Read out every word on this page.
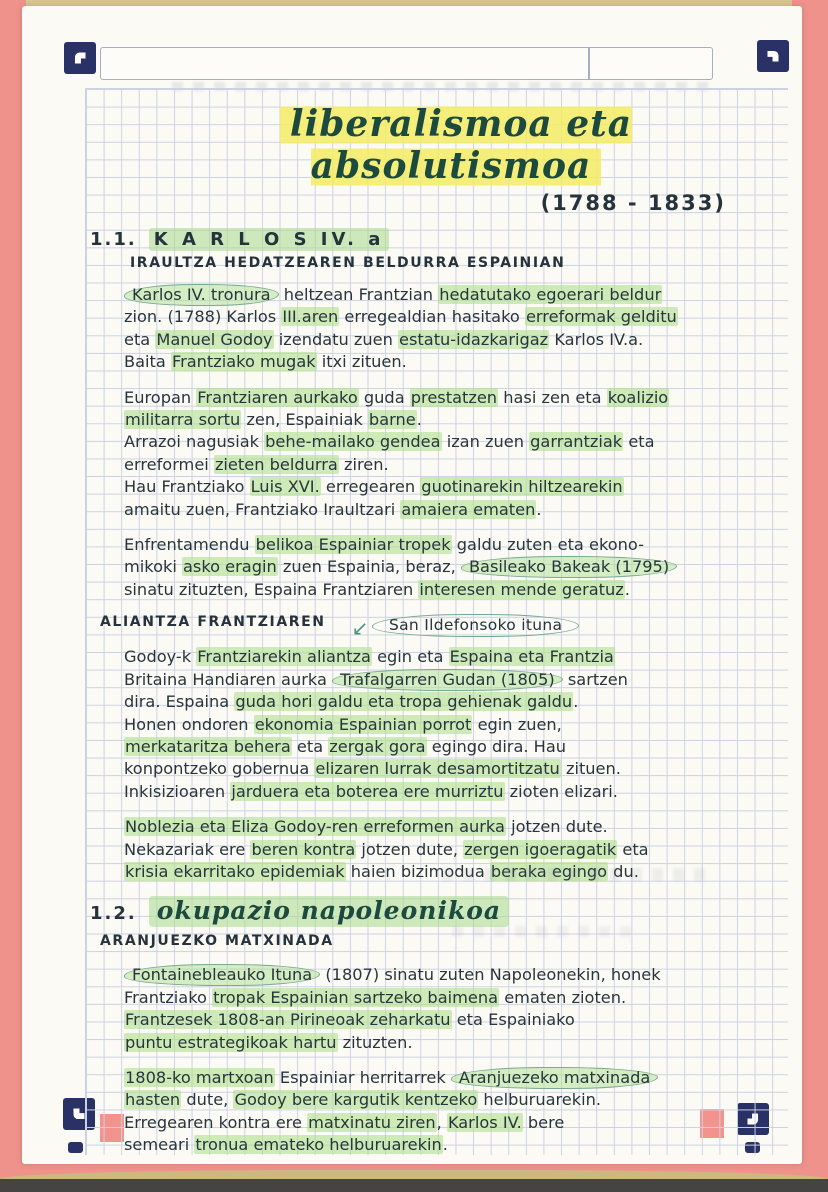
liberalismoa eta absolutismoa
(1788 - 1833)
1.1. K A R L O S IV. a
IRAULTZA HEDATZEAREN BELDURRA ESPAINIAN
Karlos IV. tronura heltzean Frantzian hedatutako egoerari beldur
zion. (1788) Karlos III.aren erregealdian hasitako erreformak gelditu
eta Manuel Godoy izendatu zuen estatu-idazkarigaz Karlos IV.a.
Baita Frantziako mugak itxi zituen.
Europan Frantziaren aurkako guda prestatzen hasi zen eta koalizio
militarra sortu zen, Espainiak barne.
Arrazoi nagusiak behe-mailako gendea izan zuen garrantziak eta
erreformei zieten beldurra ziren.
Hau Frantziako Luis XVI. erregearen guotinarekin hiltzearekin
amaitu zuen, Frantziako Iraultzari amaiera ematen.
Enfrentamendu belikoa Espainiar tropek galdu zuten eta ekono-
mikoki asko eragin zuen Espainia, beraz, Basileako Bakeak (1795)
sinatu zituzten, Espaina Frantziaren interesen mende geratuz.
ALIANTZA FRANTZIAREN ↙	San Ildefonsoko ituna
Godoy-k Frantziarekin aliantza egin eta Espaina eta Frantzia
Britaina Handiaren aurka Trafalgarren Gudan (1805) sartzen
dira. Espaina guda hori galdu eta tropa gehienak galdu.
Honen ondoren ekonomia Espainian porrot egin zuen,
merkataritza behera eta zergak gora egingo dira. Hau
konpontzeko gobernua elizaren lurrak desamortitzatu zituen.
Inkisizioaren jarduera eta boterea ere murriztu zioten elizari.
Noblezia eta Eliza Godoy-ren erreformen aurka jotzen dute.
Nekazariak ere beren kontra jotzen dute, zergen igoeragatik eta
krisia ekarritako epidemiak haien bizimodua beraka egingo du.
1.2. okupazio napoleonikoa
ARANJUEZKO MATXINADA
Fontainebleauko Ituna (1807) sinatu zuten Napoleonekin, honek
Frantziako tropak Espainian sartzeko baimena ematen zioten.
Frantzesek 1808-an Pirineoak zeharkatu eta Espainiako
puntu estrategikoak hartu zituzten.
1808-ko martxoan Espainiar herritarrek Aranjuezeko matxinada
hasten dute, Godoy bere kargutik kentzeko helburuarekin.
Erregearen kontra ere matxinatu ziren, Karlos IV. bere
semeari tronua emateko helburuarekin.
